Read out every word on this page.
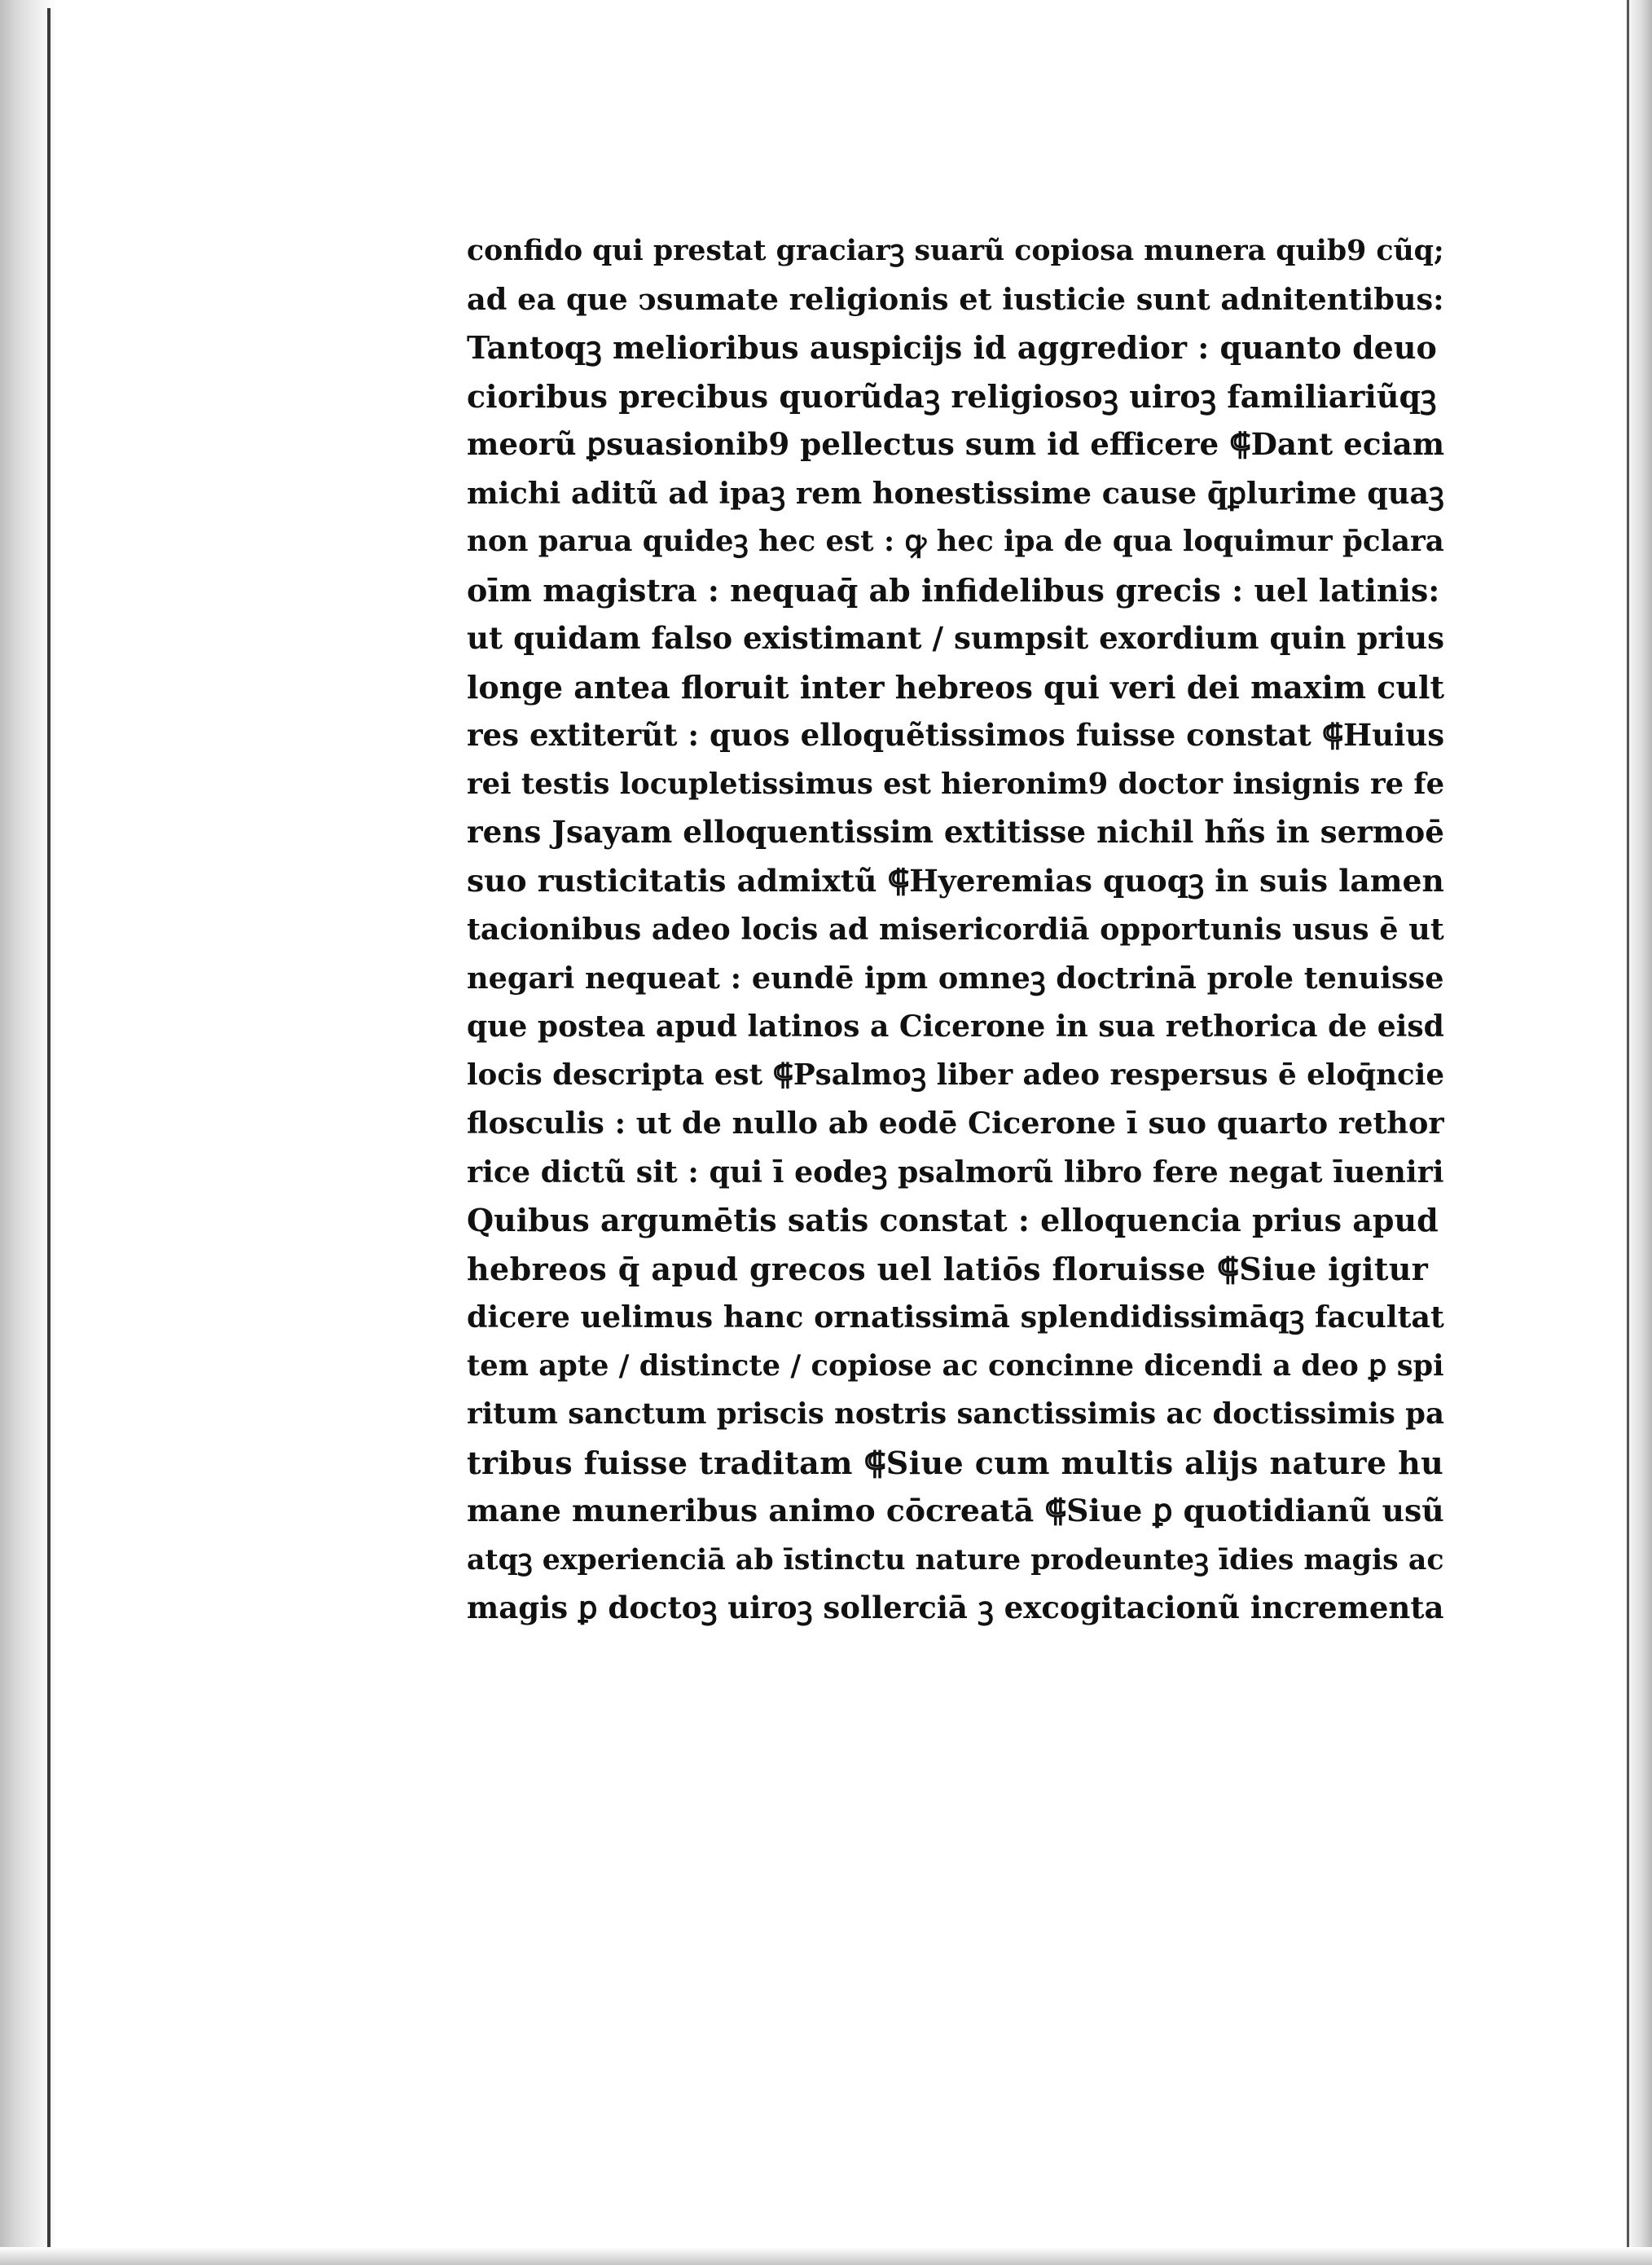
confido qui prestat graciarꝫ suarũ copiosa munera quib9 cũq;
ad ea que ↄsumate religionis et iusticie sunt adnitentibus:
Tantoqꝫ melioribus auspicijs id aggredior : quanto deuo
cioribus precibus quorũdaꝫ religiosoꝫ uiroꝫ familiariũqꝫ
meorũ ꝑsuasionib9 pellectus sum id efficere ⸿Dant eciam
michi aditũ ad ipaꝫ rem honestissime cause q̄ꝑlurime quaꝫ
non parua quideꝫ hec est : ꝙ hec ipa de qua loquimur p̄clara
oīm magistra : nequaq̄ ab infidelibus grecis : uel latinis:
ut quidam falso existimant / sumpsit exordium quin prius
longe antea floruit inter hebreos qui veri dei maxim cult
res extiterũt : quos elloquẽtissimos fuisse constat ⸿Huius
rei testis locupletissimus est hieronim9 doctor insignis re fe
rens Jsayam elloquentissim extitisse nichil hñs in sermoē
suo rusticitatis admixtũ ⸿Hyeremias quoqꝫ in suis lamen
tacionibus adeo locis ad misericordiā opportunis usus ē ut
negari nequeat : eundē ipm omneꝫ doctrinā prole tenuisse
que postea apud latinos a Cicerone in sua rethorica de eisd
locis descripta est ⸿Psalmoꝫ liber adeo respersus ē eloq̄ncie
flosculis : ut de nullo ab eodē Cicerone ī suo quarto rethor
rice dictũ sit : qui ī eodeꝫ psalmorũ libro fere negat īueniri
Quibus argumētis satis constat : elloquencia prius apud
hebreos q̄ apud grecos uel latiōs floruisse ⸿Siue igitur
dicere uelimus hanc ornatissimā splendidissimāqꝫ facultat
tem apte / distincte / copiose ac concinne dicendi a deo ꝑ spi
ritum sanctum priscis nostris sanctissimis ac doctissimis pa
tribus fuisse traditam ⸿Siue cum multis alijs nature hu
mane muneribus animo cōcreatā ⸿Siue ꝑ quotidianũ usũ
atqꝫ experienciā ab īstinctu nature prodeunteꝫ īdies magis ac
magis ꝑ doctoꝫ uiroꝫ sollerciā ꝫ excogitacionũ incrementa
